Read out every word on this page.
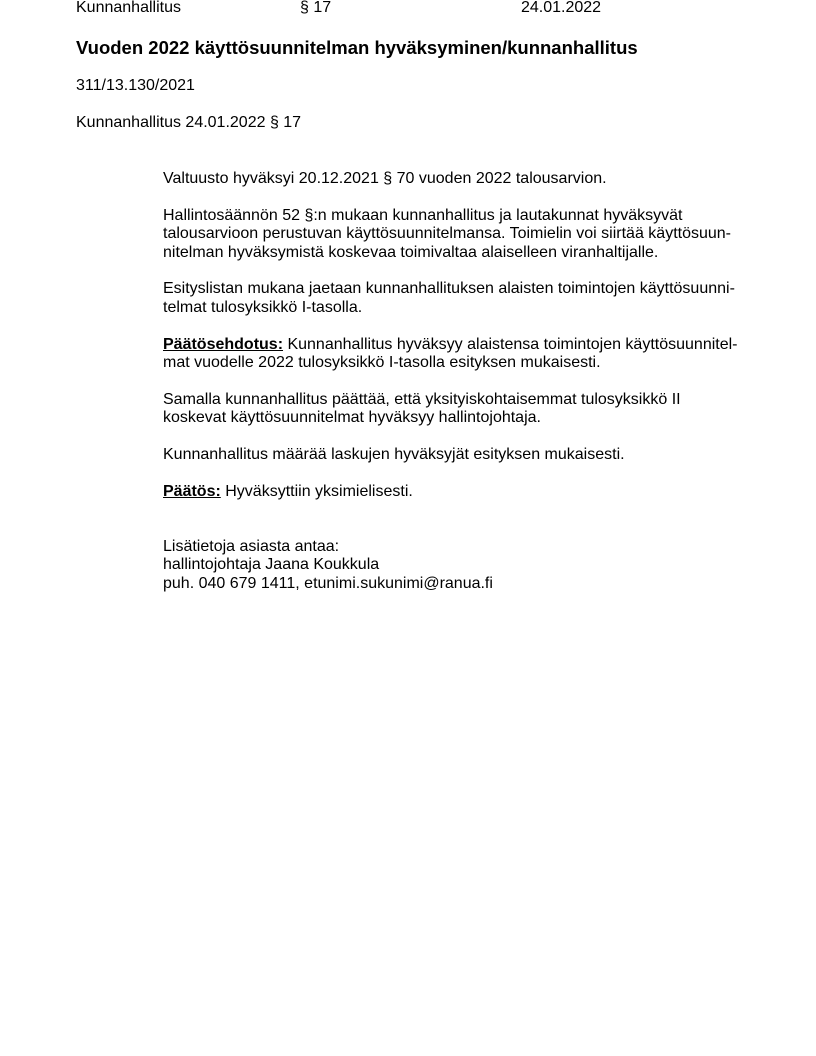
Kunnanhallitus	§ 17	24.01.2022
Vuoden 2022 käyttösuunnitelman hyväksyminen/kunnanhallitus
311/13.130/2021
Kunnanhallitus 24.01.2022 § 17

Valtuusto hyväksyi 20.12.2021 § 70 vuoden 2022 talousarvion.

Hallintosäännön 52 §:n mukaan kunnanhallitus ja lautakunnat hyväksyvät
talousarvioon perustuvan käyttösuunnitelmansa. Toimielin voi siirtää käyttösuun-
nitelman hyväksymistä koskevaa toimivaltaa alaiselleen viranhaltijalle.

Esityslistan mukana jaetaan kunnanhallituksen alaisten toimintojen käyttösuunni-
telmat tulosyksikkö I-tasolla.

Päätösehdotus: Kunnanhallitus hyväksyy alaistensa toimintojen käyttösuunnitel-
mat vuodelle 2022 tulosyksikkö I-tasolla esityksen mukaisesti.

Samalla kunnanhallitus päättää, että yksityiskohtaisemmat tulosyksikkö II
koskevat käyttösuunnitelmat hyväksyy hallintojohtaja.

Kunnanhallitus määrää laskujen hyväksyjät esityksen mukaisesti.

Päätös: Hyväksyttiin yksimielisesti.

Lisätietoja asiasta antaa:
hallintojohtaja Jaana Koukkula
puh. 040 679 1411, etunimi.sukunimi@ranua.fi
